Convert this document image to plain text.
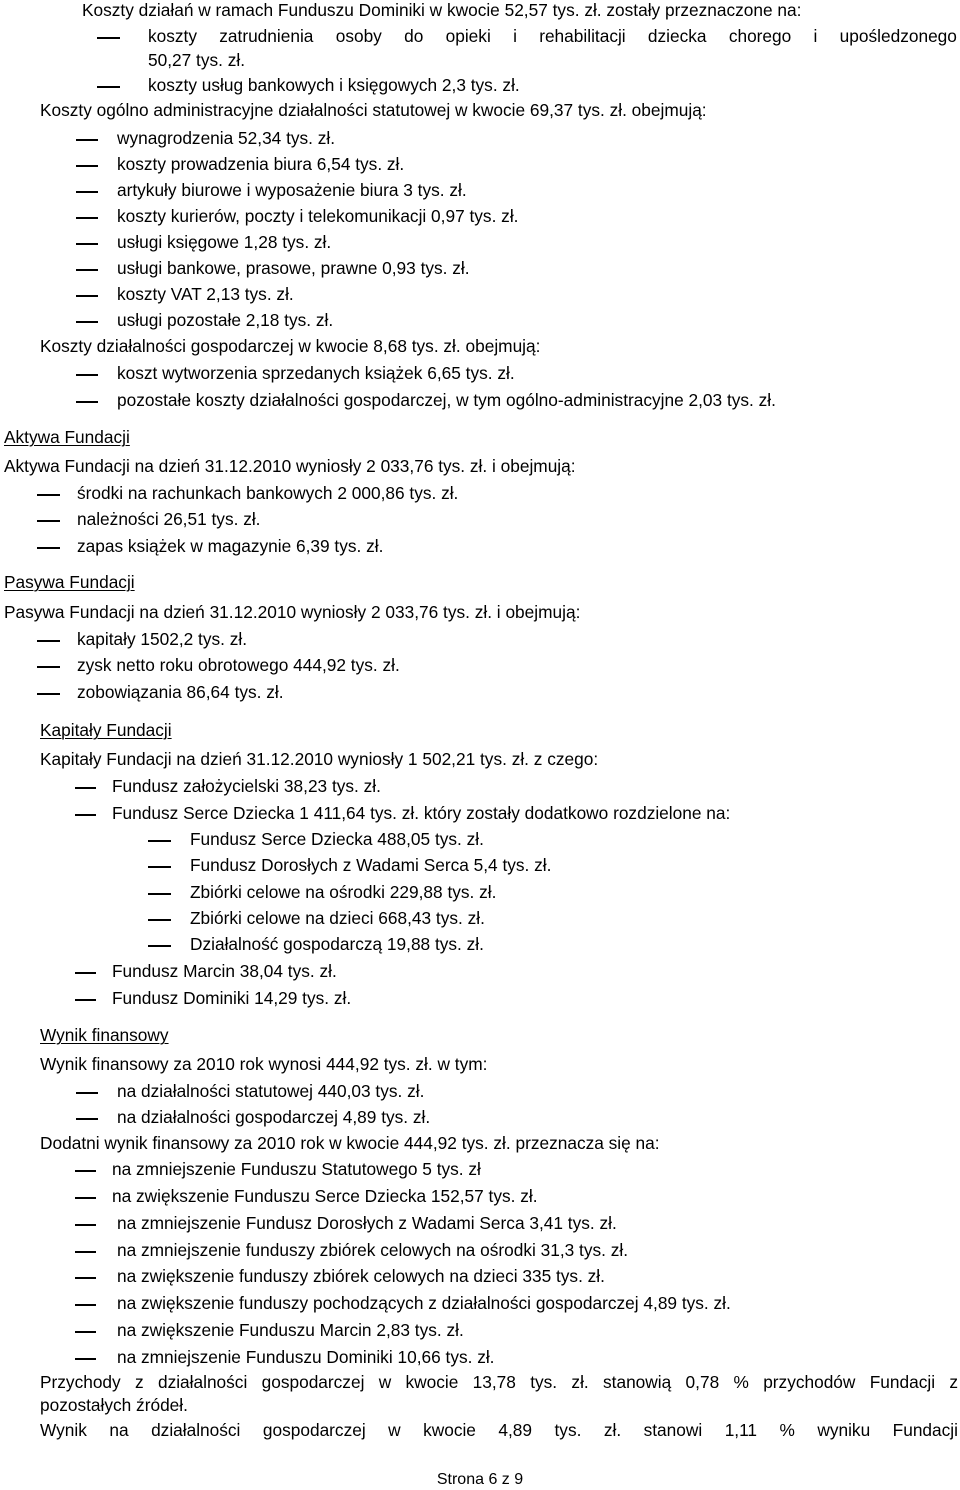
Koszty działań w ramach Funduszu Dominiki w kwocie 52,57 tys. zł. zostały przeznaczone na:
koszty zatrudnienia osoby do opieki i rehabilitacji dziecka chorego i upośledzonego
50,27 tys. zł.
koszty usług bankowych i księgowych 2,3 tys. zł.
Koszty ogólno administracyjne działalności statutowej w kwocie 69,37 tys. zł. obejmują:
wynagrodzenia 52,34 tys. zł.
koszty prowadzenia biura 6,54 tys. zł.
artykuły biurowe i wyposażenie biura 3 tys. zł.
koszty kurierów, poczty i telekomunikacji 0,97 tys. zł.
usługi księgowe 1,28 tys. zł.
usługi bankowe, prasowe, prawne 0,93 tys. zł.
koszty VAT 2,13 tys. zł.
usługi pozostałe 2,18 tys. zł.
Koszty działalności gospodarczej w kwocie 8,68 tys. zł. obejmują:
koszt wytworzenia sprzedanych książek 6,65 tys. zł.
pozostałe koszty działalności gospodarczej, w tym ogólno-administracyjne 2,03 tys. zł.
Aktywa Fundacji
Aktywa Fundacji na dzień 31.12.2010 wyniosły 2 033,76 tys. zł. i obejmują:
środki na rachunkach bankowych 2 000,86 tys. zł.
należności 26,51 tys. zł.
zapas książek w magazynie 6,39 tys. zł.
Pasywa Fundacji
Pasywa Fundacji na dzień 31.12.2010 wyniosły 2 033,76 tys. zł. i obejmują:
kapitały 1502,2 tys. zł.
zysk netto roku obrotowego 444,92 tys. zł.
zobowiązania 86,64 tys. zł.
Kapitały Fundacji
Kapitały Fundacji na dzień 31.12.2010 wyniosły 1 502,21 tys. zł. z czego:
Fundusz założycielski 38,23 tys. zł.
Fundusz Serce Dziecka 1 411,64 tys. zł. który zostały dodatkowo rozdzielone na:
Fundusz Serce Dziecka 488,05 tys. zł.
Fundusz Dorosłych z Wadami Serca 5,4 tys. zł.
Zbiórki celowe na ośrodki 229,88 tys. zł.
Zbiórki celowe na dzieci 668,43 tys. zł.
Działalność gospodarczą 19,88 tys. zł.
Fundusz Marcin 38,04 tys. zł.
Fundusz Dominiki 14,29 tys. zł.
Wynik finansowy
Wynik finansowy za 2010 rok wynosi 444,92 tys. zł. w tym:
na działalności statutowej 440,03 tys. zł.
na działalności gospodarczej 4,89 tys. zł.
Dodatni wynik finansowy za 2010 rok w kwocie 444,92 tys. zł. przeznacza się na:
na zmniejszenie Funduszu Statutowego 5 tys. zł
na zwiększenie Funduszu Serce Dziecka 152,57 tys. zł.
na zmniejszenie Fundusz Dorosłych z Wadami Serca 3,41 tys. zł.
na zmniejszenie funduszy zbiórek celowych na ośrodki 31,3 tys. zł.
na zwiększenie funduszy zbiórek celowych na dzieci 335 tys. zł.
na zwiększenie funduszy pochodzących z działalności gospodarczej 4,89 tys. zł.
na zwiększenie Funduszu Marcin 2,83 tys. zł.
na zmniejszenie Funduszu Dominiki 10,66 tys. zł.
Przychody z działalności gospodarczej w kwocie 13,78 tys. zł. stanowią 0,78 % przychodów Fundacji z
pozostałych źródeł.
Wynik na działalności gospodarczej w kwocie 4,89 tys. zł. stanowi 1,11 % wyniku Fundacji
Strona 6 z 9
